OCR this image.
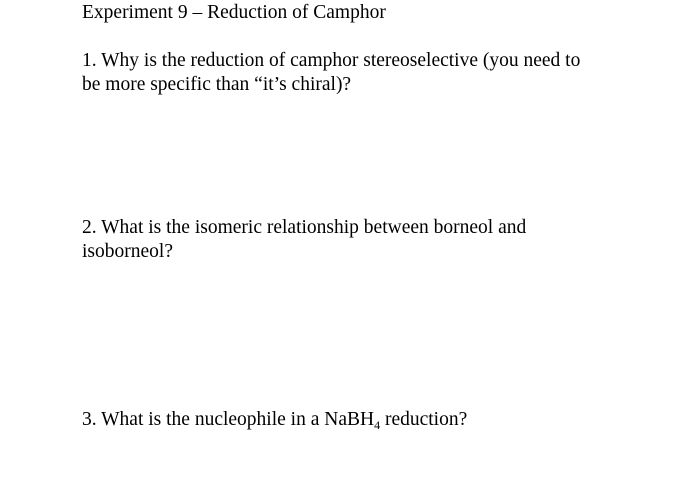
Experiment 9 – Reduction of Camphor
1. Why is the reduction of camphor stereoselective (you need to
be more specific than “it’s chiral)?
2. What is the isomeric relationship between borneol and
isoborneol?
3. What is the nucleophile in a NaBH$_4$ reduction?
